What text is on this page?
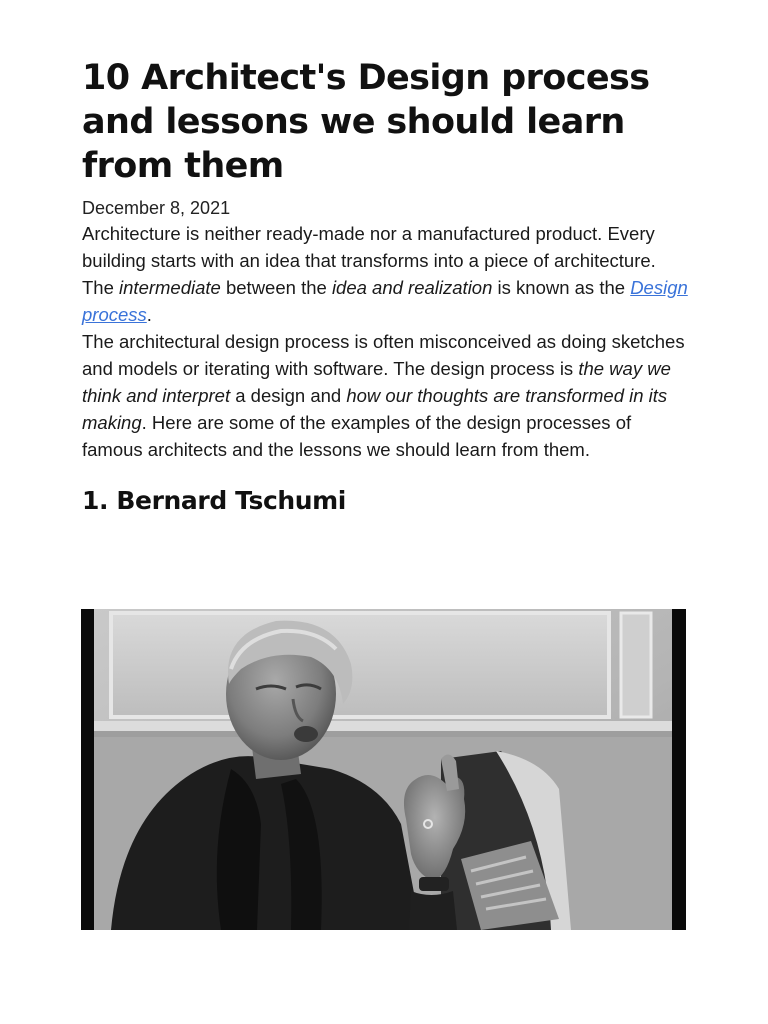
10 Architect's Design process and lessons we should learn from them
December 8, 2021

Architecture is neither ready-made nor a manufactured product. Every building starts with an idea that transforms into a piece of architecture. The intermediate between the idea and realization is known as the Design process.

The architectural design process is often misconceived as doing sketches and models or iterating with software. The design process is the way we think and interpret a design and how our thoughts are transformed in its making. Here are some of the examples of the design processes of famous architects and the lessons we should learn from them.

1. Bernard Tschumi
